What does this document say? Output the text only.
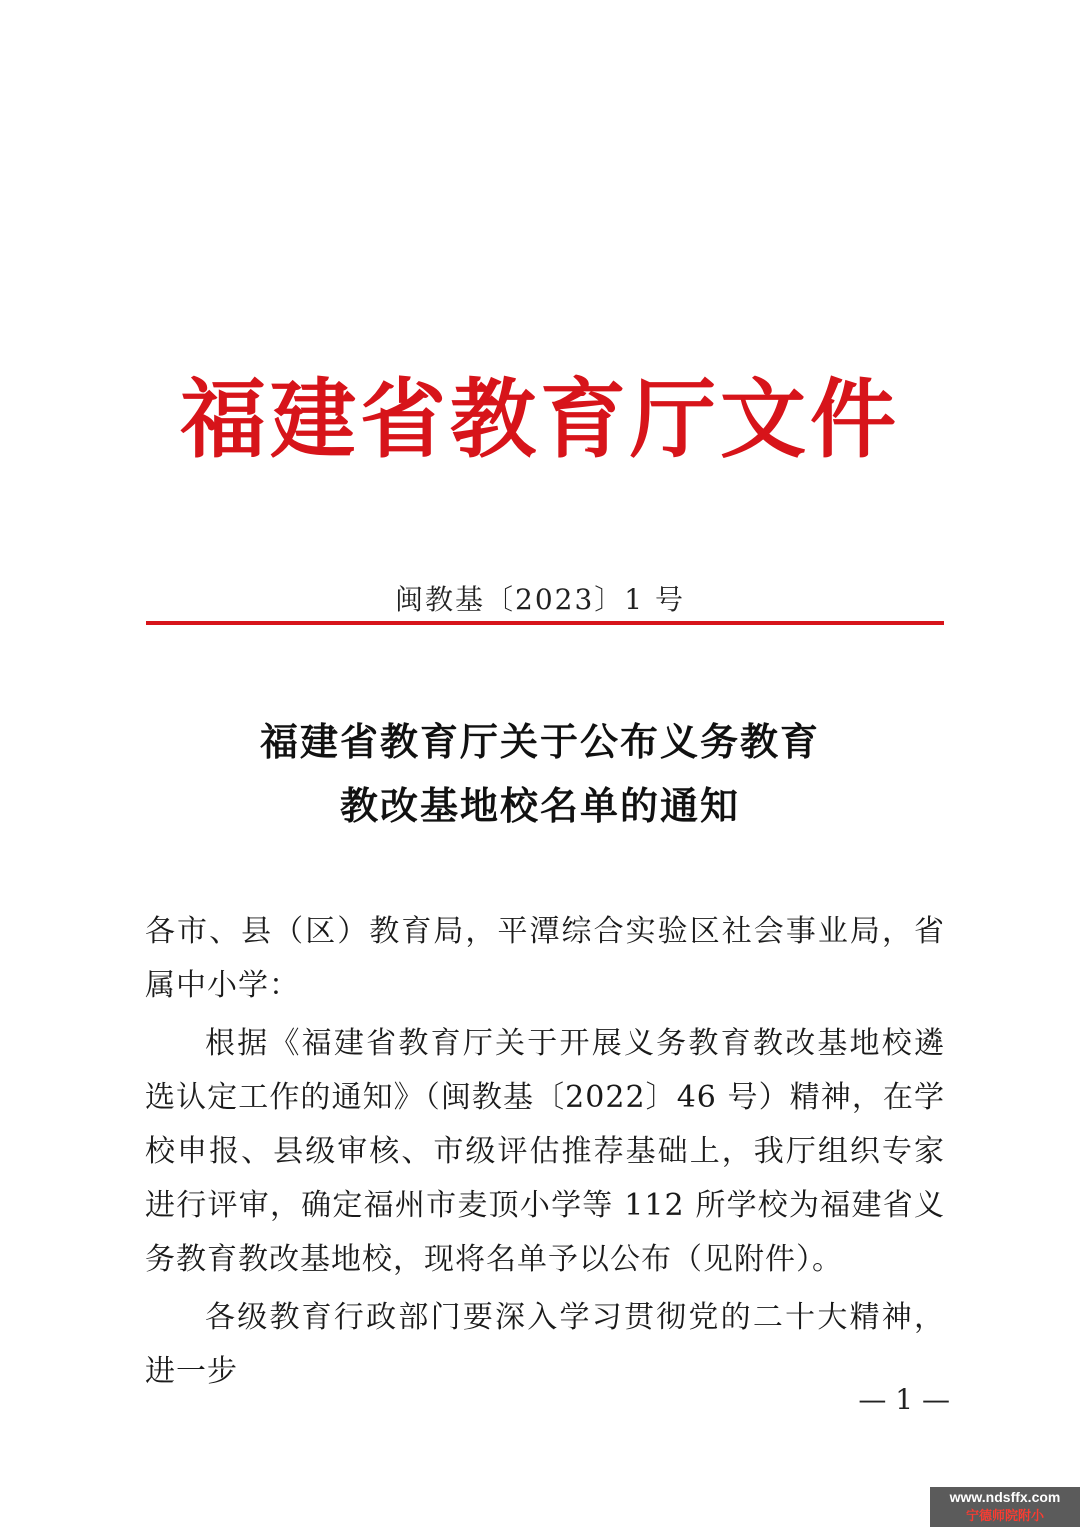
福建省教育厅文件
闽教基〔2023〕1 号
福建省教育厅关于公布义务教育
教改基地校名单的通知

各市、县（区）教育局，平潭综合实验区社会事业局，省属中小学：

根据《福建省教育厅关于开展义务教育教改基地校遴选认定工作的通知》（闽教基〔2022〕46 号）精神，在学校申报、县级审核、市级评估推荐基础上，我厅组织专家进行评审，确定福州市麦顶小学等 112 所学校为福建省义务教育教改基地校，现将名单予以公布（见附件）。

各级教育行政部门要深入学习贯彻党的二十大精神，进一步

— 1 —
www.ndsffx.com
宁德师院附小
